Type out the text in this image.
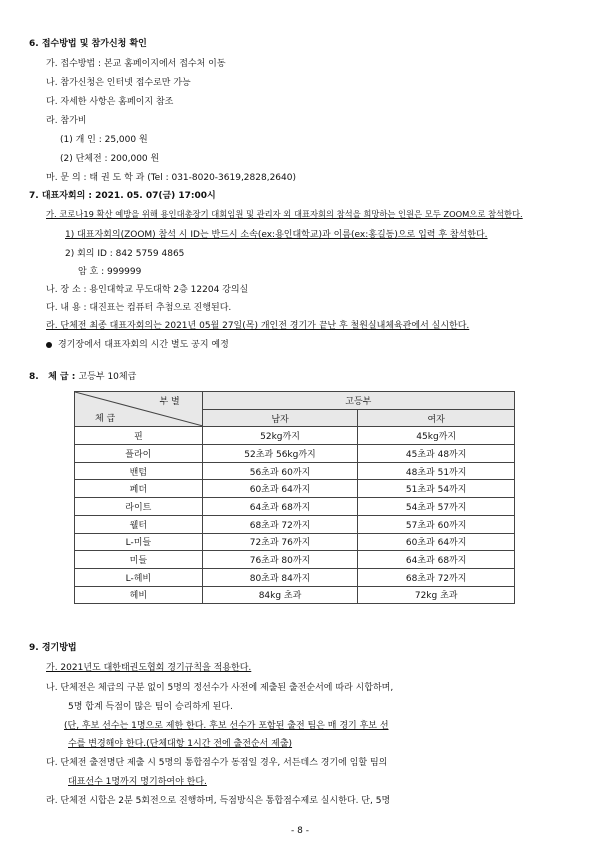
6. 접수방법 및 참가신청 확인
가. 접수방법 : 본교 홈페이지에서 접수처 이동
나. 참가신청은 인터넷 접수로만 가능
다. 자세한 사항은 홈페이지 참조
라. 참가비
(1) 개 인 : 25,000 원
(2) 단체전 : 200,000 원
마. 문 의 : 태 권 도 학 과 (Tel : 031-8020-3619,2828,2640)
7. 대표자회의 : 2021. 05. 07(금) 17:00시
가. 코로나19 확산 예방을 위해 용인대총장기 대회임원 및 관리자 외 대표자회의 참석을 희망하는 인원은 모두 ZOOM으로 참석한다.
1) 대표자회의(ZOOM) 참석 시 ID는 반드시 소속(ex:용인대학교)과 이름(ex:홍길동)으로 입력 후 참석한다.
2) 회의 ID : 842 5759 4865
암 호 : 999999
나. 장 소 : 용인대학교 무도대학 2층 12204 강의실
다. 내 용 : 대진표는 컴퓨터 추첨으로 진행된다.
라. 단체전 최종 대표자회의는 2021년 05월 27일(목) 개인전 경기가 끝난 후 철원실내체육관에서 실시한다.
경기장에서 대표자회의 시간 별도 공지 예정
8. 체 급 : 고등부 10체급
부 별
체 급	고등부	
	남자	여자
핀	52kg까지	45kg까지
플라이	52초과 56kg까지	45초과 48까지
밴텀	56초과 60까지	48초과 51까지
페더	60초과 64까지	51초과 54까지
라이트	64초과 68까지	54초과 57까지
웰터	68초과 72까지	57초과 60까지
L-미들	72초과 76까지	60초과 64까지
미들	76초과 80까지	64초과 68까지
L-헤비	80초과 84까지	68초과 72까지
헤비	84kg 초과	72kg 초과
9. 경기방법
가. 2021년도 대한태권도협회 경기규칙을 적용한다.
나. 단체전은 체급의 구분 없이 5명의 정선수가 사전에 제출된 출전순서에 따라 시합하며,
5명 합계 득점이 많은 팀이 승리하게 된다.
(단, 후보 선수는 1명으로 제한 한다. 후보 선수가 포함된 출전 팀은 매 경기 후보 선
수를 변경해야 한다.(단체대항 1시간 전에 출전순서 제출)
다. 단체전 출전명단 제출 시 5명의 통합점수가 동점일 경우, 서든데스 경기에 임할 팀의
대표선수 1명까지 명기하여야 한다.
라. 단체전 시합은 2분 5회전으로 진행하며, 득점방식은 통합점수제로 실시한다. 단, 5명
- 8 -
